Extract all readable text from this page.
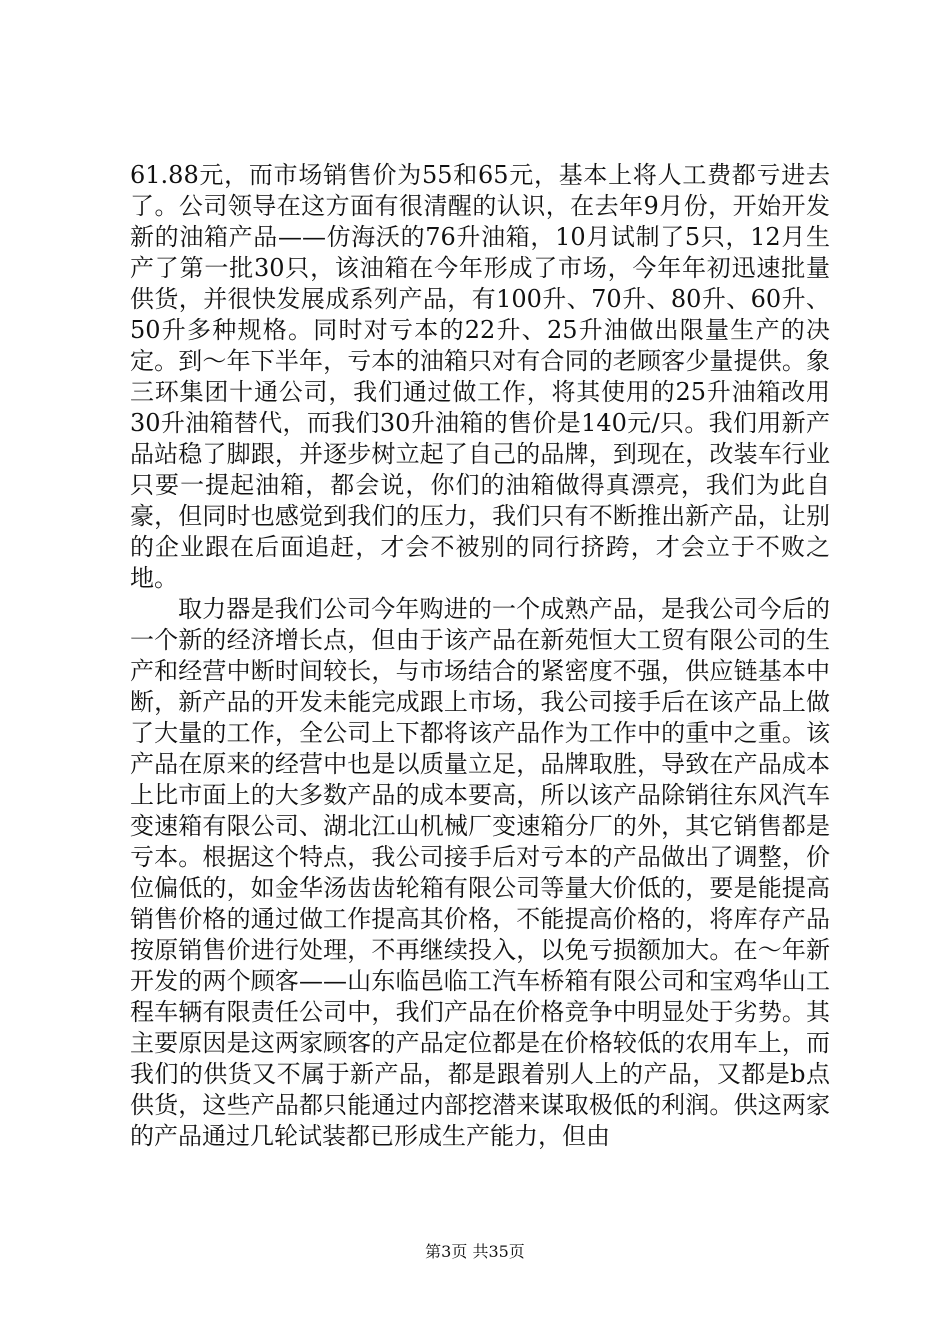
61.88元，而市场销售价为55和65元，基本上将人工费都亏进去了。公司领导在这方面有很清醒的认识，在去年9月份，开始开发新的油箱产品——仿海沃的76升油箱，10月试制了5只，12月生产了第一批30只，该油箱在今年形成了市场，今年年初迅速批量供货，并很快发展成系列产品，有100升、70升、80升、60升、50升多种规格。同时对亏本的22升、25升油做出限量生产的决定。到～年下半年，亏本的油箱只对有合同的老顾客少量提供。象三环集团十通公司，我们通过做工作，将其使用的25升油箱改用30升油箱替代，而我们30升油箱的售价是140元/只。我们用新产品站稳了脚跟，并逐步树立起了自己的品牌，到现在，改装车行业只要一提起油箱，都会说，你们的油箱做得真漂亮，我们为此自豪，但同时也感觉到我们的压力，我们只有不断推出新产品，让别的企业跟在后面追赶，才会不被别的同行挤跨，才会立于不败之地。

取力器是我们公司今年购进的一个成熟产品，是我公司今后的一个新的经济增长点，但由于该产品在新苑恒大工贸有限公司的生产和经营中断时间较长，与市场结合的紧密度不强，供应链基本中断，新产品的开发未能完成跟上市场，我公司接手后在该产品上做了大量的工作，全公司上下都将该产品作为工作中的重中之重。该产品在原来的经营中也是以质量立足，品牌取胜，导致在产品成本上比市面上的大多数产品的成本要高，所以该产品除销往东风汽车变速箱有限公司、湖北江山机械厂变速箱分厂的外，其它销售都是亏本。根据这个特点，我公司接手后对亏本的产品做出了调整，价位偏低的，如金华汤齿齿轮箱有限公司等量大价低的，要是能提高销售价格的通过做工作提高其价格，不能提高价格的，将库存产品按原销售价进行处理，不再继续投入，以免亏损额加大。在～年新开发的两个顾客——山东临邑临工汽车桥箱有限公司和宝鸡华山工程车辆有限责任公司中，我们产品在价格竞争中明显处于劣势。其主要原因是这两家顾客的产品定位都是在价格较低的农用车上，而我们的供货又不属于新产品，都是跟着别人上的产品，又都是b点供货，这些产品都只能通过内部挖潜来谋取极低的利润。供这两家的产品通过几轮试装都已形成生产能力，但由

第3页 共35页
